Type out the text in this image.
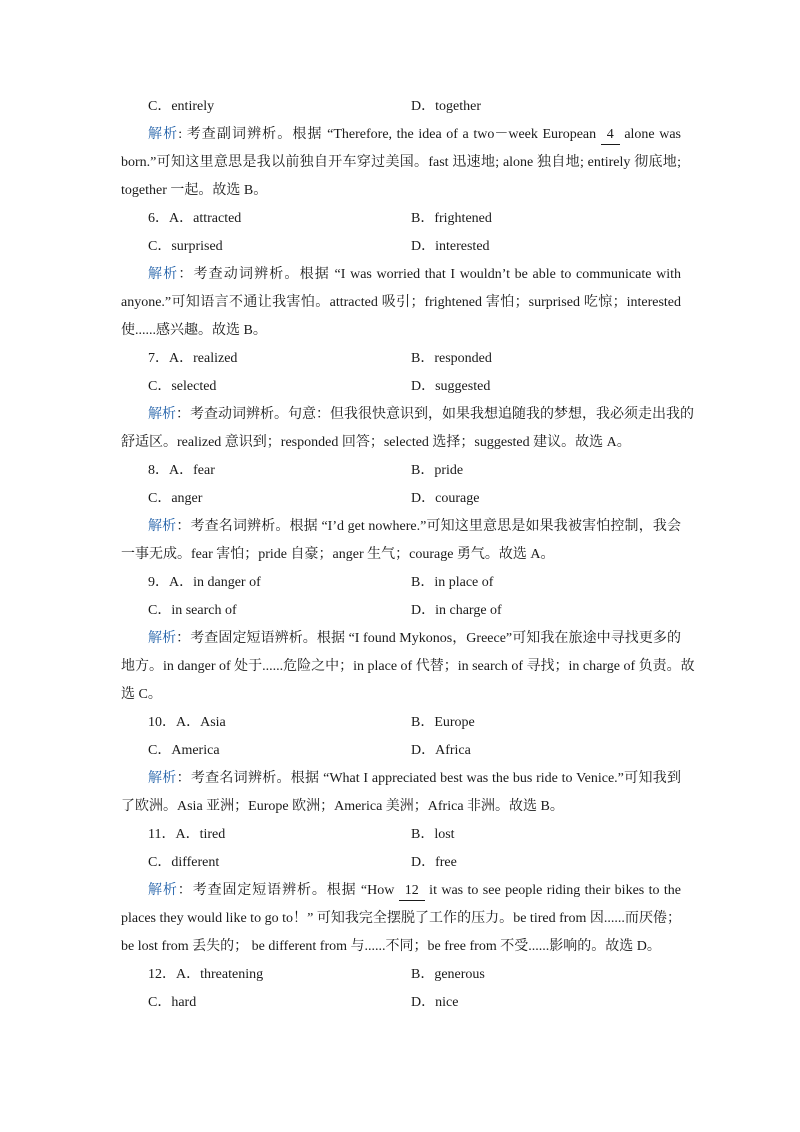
C．entirely	D．together
解析: 考查副词辨析。根据 “Therefore, the idea of a two－week European 4 alone was
born.”可知这里意思是我以前独自开车穿过美国。fast 迅速地; alone 独自地; entirely 彻底地;
together 一起。故选 B。
6．A．attracted	B．frightened
C．surprised	D．interested
解析：考查动词辨析。根据 “I was worried that I wouldn’t be able to communicate with
anyone.”可知语言不通让我害怕。attracted 吸引；frightened 害怕；surprised 吃惊；interested
使......感兴趣。故选 B。
7．A．realized	B．responded
C．selected	D．suggested
解析：考查动词辨析。句意：但我很快意识到，如果我想追随我的梦想，我必须走出我的
舒适区。realized 意识到；responded 回答；selected 选择；suggested 建议。故选 A。
8．A．fear	B．pride
C．anger	D．courage
解析：考查名词辨析。根据 “I’d get nowhere.”可知这里意思是如果我被害怕控制，我会
一事无成。fear 害怕；pride 自豪；anger 生气；courage 勇气。故选 A。
9．A．in danger of	B．in place of
C．in search of	D．in charge of
解析：考查固定短语辨析。根据 “I found Mykonos，Greece”可知我在旅途中寻找更多的
地方。in danger of 处于......危险之中；in place of 代替；in search of 寻找；in charge of 负责。故
选 C。
10．A．Asia	B．Europe
C．America	D．Africa
解析：考查名词辨析。根据 “What I appreciated best was the bus ride to Venice.”可知我到
了欧洲。Asia 亚洲；Europe 欧洲；America 美洲；Africa 非洲。故选 B。
11．A．tired	B．lost
C．different	D．free
解析：考查固定短语辨析。根据 “How 12 it was to see people riding their bikes to the
places they would like to go to！” 可知我完全摆脱了工作的压力。be tired from 因......而厌倦；
be lost from 丢失的； be different from 与......不同；be free from 不受......影响的。故选 D。
12．A．threatening	B．generous
C．hard	D．nice
